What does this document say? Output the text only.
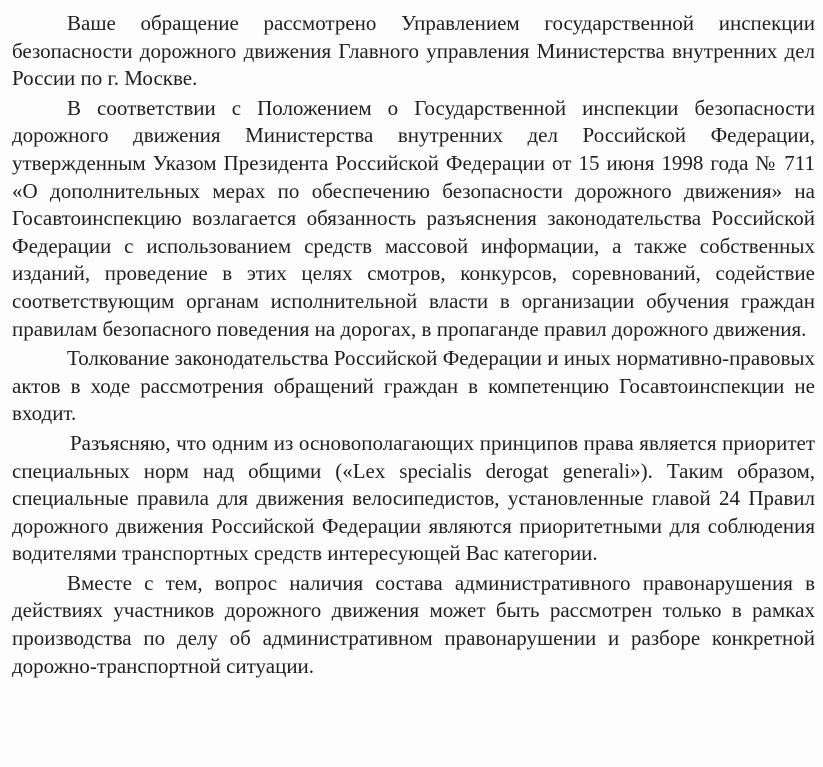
Ваше обращение рассмотрено Управлением государственной инспекции безопасности дорожного движения Главного управления Министерства внутренних дел России по г. Москве.

В соответствии с Положением о Государственной инспекции безопасности дорожного движения Министерства внутренних дел Российской Федерации, утвержденным Указом Президента Российской Федерации от 15 июня 1998 года № 711 «О дополнительных мерах по обеспечению безопасности дорожного движения» на Госавтоинспекцию возлагается обязанность разъяснения законодательства Российской Федерации с использованием средств массовой информации, а также собственных изданий, проведение в этих целях смотров, конкурсов, соревнований, содействие соответствующим органам исполнительной власти в организации обучения граждан правилам безопасного поведения на дорогах, в пропаганде правил дорожного движения.

Толкование законодательства Российской Федерации и иных нормативно-правовых актов в ходе рассмотрения обращений граждан в компетенцию Госавтоинспекции не входит.

Разъясняю, что одним из основополагающих принципов права является приоритет специальных норм над общими («Lex specialis derogat generali»). Таким образом, специальные правила для движения велосипедистов, установленные главой 24 Правил дорожного движения Российской Федерации являются приоритетными для соблюдения водителями транспортных средств интересующей Вас категории.

Вместе с тем, вопрос наличия состава административного правонарушения в действиях участников дорожного движения может быть рассмотрен только в рамках производства по делу об административном правонарушении и разборе конкретной дорожно-транспортной ситуации.
